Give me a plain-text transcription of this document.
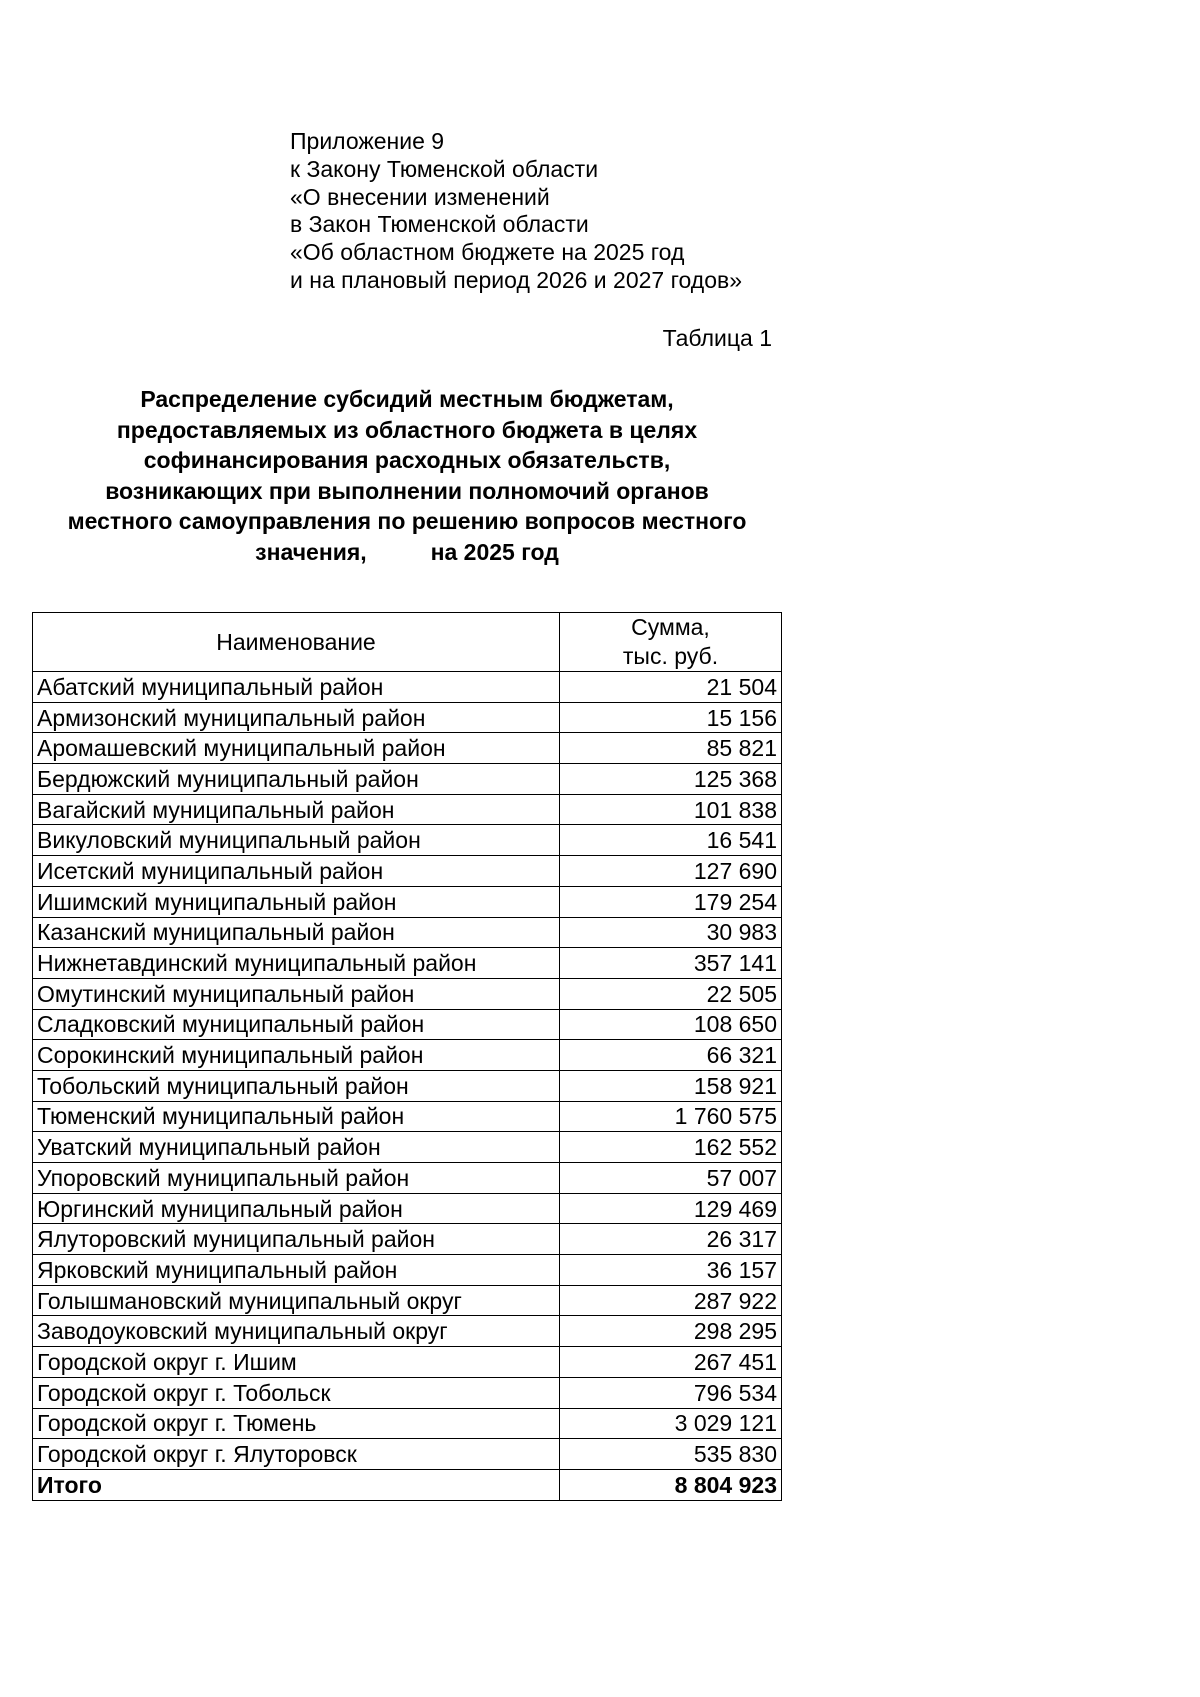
Приложение 9
к Закону Тюменской области
«О внесении изменений
в Закон Тюменской области
«Об областном бюджете на 2025 год
и на плановый период 2026 и 2027 годов»
Таблица 1
Распределение субсидий местным бюджетам,
предоставляемых из областного бюджета в целях
софинансирования расходных обязательств,
возникающих при выполнении полномочий органов
местного самоуправления по решению вопросов местного
значения,          на 2025 год
Наименование	Сумма,
тыс. руб.
Абатский муниципальный район	21 504
Армизонский муниципальный район	15 156
Аромашевский муниципальный район	85 821
Бердюжский муниципальный район	125 368
Вагайский муниципальный район	101 838
Викуловский муниципальный район	16 541
Исетский муниципальный район	127 690
Ишимский муниципальный район	179 254
Казанский муниципальный район	30 983
Нижнетавдинский муниципальный район	357 141
Омутинский муниципальный район	22 505
Сладковский муниципальный район	108 650
Сорокинский муниципальный район	66 321
Тобольский муниципальный район	158 921
Тюменский муниципальный район	1 760 575
Уватский муниципальный район	162 552
Упоровский муниципальный район	57 007
Юргинский муниципальный район	129 469
Ялуторовский муниципальный район	26 317
Ярковский муниципальный район	36 157
Голышмановский муниципальный округ	287 922
Заводоуковский муниципальный округ	298 295
Городской округ г. Ишим	267 451
Городской округ г. Тобольск	796 534
Городской округ г. Тюмень	3 029 121
Городской округ г. Ялуторовск	535 830
Итого	8 804 923
